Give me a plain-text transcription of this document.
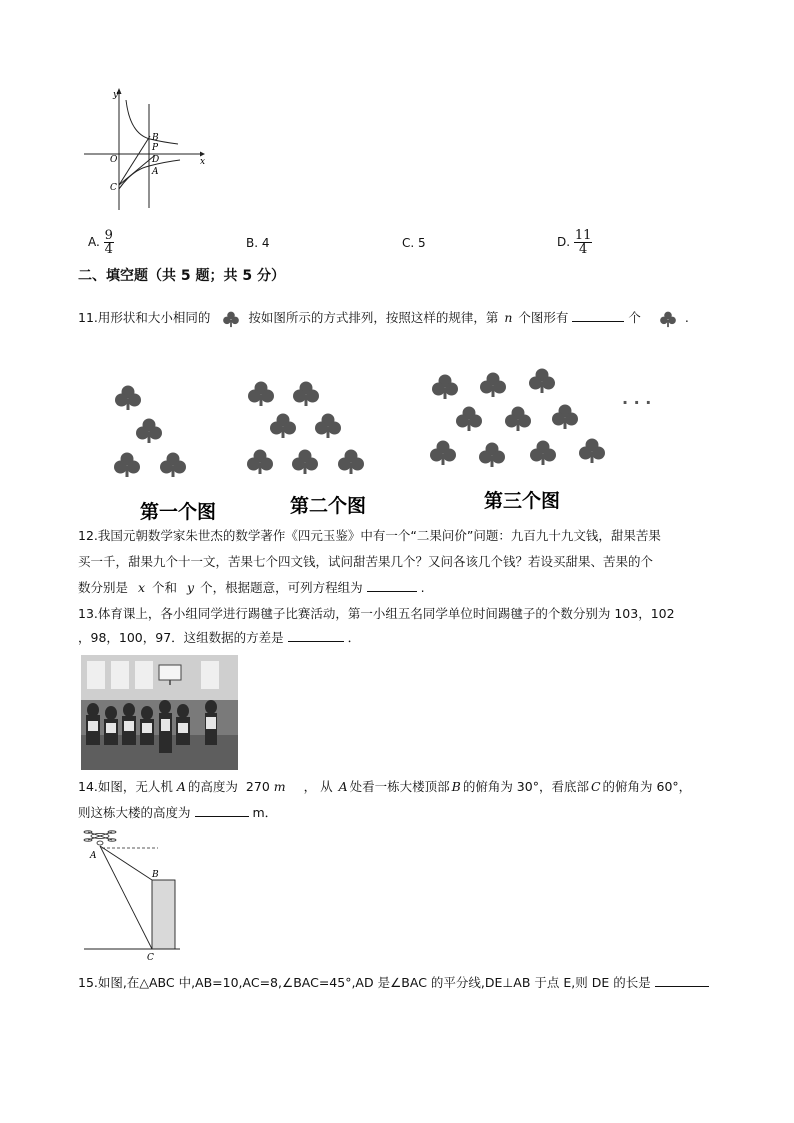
y
x
O
B
P
D
A
C
A. $\frac{9}{4}$	B. 4	C. 5	D. $\frac{11}{4}$
二、填空题（共 5 题；共 5 分）
11.用形状和大小相同的	按如图所示的方式排列，按照这样的规律，第 n 个图形有	个	.
第一个图	第二个图	第三个图
· · ·
12.我国元朝数学家朱世杰的数学著作《四元玉鉴》中有一个“二果问价”问题：九百九十九文钱，甜果苦果
买一千，甜果九个十一文，苦果七个四文钱，试问甜苦果几个？又问各该几个钱？若设买甜果、苦果的个
数分别是 x 个和 y 个，根据题意，可列方程组为	.
13.体育课上，各小组同学进行踢毽子比赛活动，第一小组五名同学单位时间踢毽子的个数分别为 103，102
，98，100，97．这组数据的方差是	．
14.如图，无人机 A 的高度为 270 m ， 从 A 处看一栋大楼顶部 B 的俯角为 30°，看底部 C 的俯角为 60°，
则这栋大楼的高度为	m．
A
B
C
15.如图,在△ABC 中,AB=10,AC=8,∠BAC=45°,AD 是∠BAC 的平分线,DE⊥AB 于点 E,则 DE 的长是
